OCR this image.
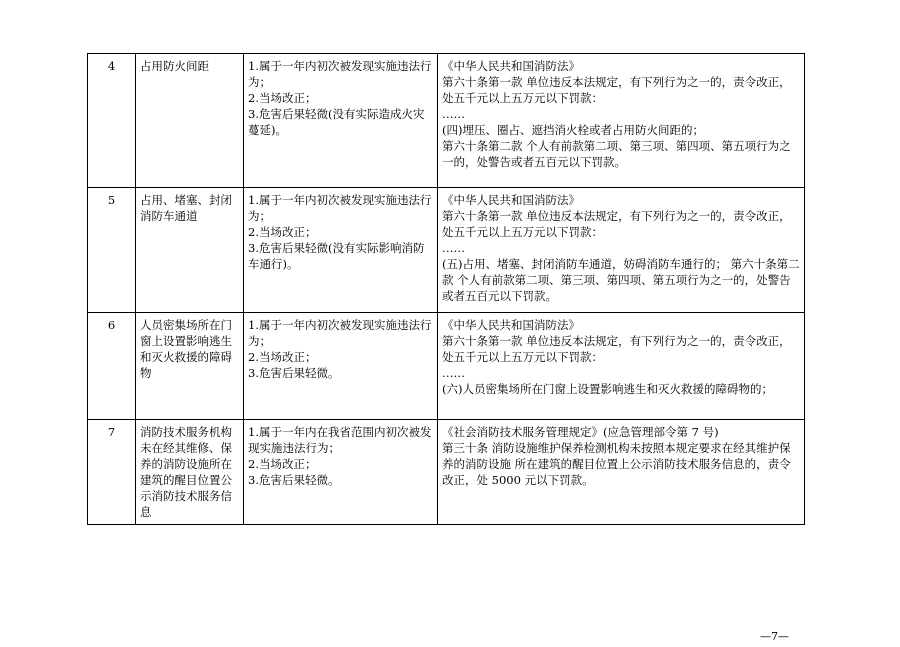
4	占用防火间距	1.属于一年内初次被发现实施违法行为；
2.当场改正；
3.危害后果轻微(没有实际造成火灾蔓延)。	《中华人民共和国消防法》
第六十条第一款 单位违反本法规定，有下列行为之一的，责令改正，处五千元以上五万元以下罚款：
……
(四)埋压、圈占、遮挡消火栓或者占用防火间距的；
第六十条第二款 个人有前款第二项、第三项、第四项、第五项行为之一的，处警告或者五百元以下罚款。

5	占用、堵塞、封闭消防车通道	1.属于一年内初次被发现实施违法行为；
2.当场改正；
3.危害后果轻微(没有实际影响消防车通行)。	《中华人民共和国消防法》
第六十条第一款 单位违反本法规定，有下列行为之一的，责令改正，处五千元以上五万元以下罚款：
……
(五)占用、堵塞、封闭消防车通道，妨碍消防车通行的； 第六十条第二款 个人有前款第二项、第三项、第四项、第五项行为之一的，处警告或者五百元以下罚款。

6	人员密集场所在门窗上设置影响逃生和灭火救援的障碍物	1.属于一年内初次被发现实施违法行为；
2.当场改正；
3.危害后果轻微。	《中华人民共和国消防法》
第六十条第一款 单位违反本法规定，有下列行为之一的，责令改正，处五千元以上五万元以下罚款：
……
(六)人员密集场所在门窗上设置影响逃生和灭火救援的障碍物的；

7	消防技术服务机构未在经其维修、保养的消防设施所在建筑的醒目位置公示消防技术服务信息	1.属于一年内在我省范围内初次被发现实施违法行为；
2.当场改正；
3.危害后果轻微。	《社会消防技术服务管理规定》(应急管理部令第 7 号)
第三十条 消防设施维护保养检测机构未按照本规定要求在经其维护保养的消防设施 所在建筑的醒目位置上公示消防技术服务信息的，责令改正，处 5000 元以下罚款。
—7—
